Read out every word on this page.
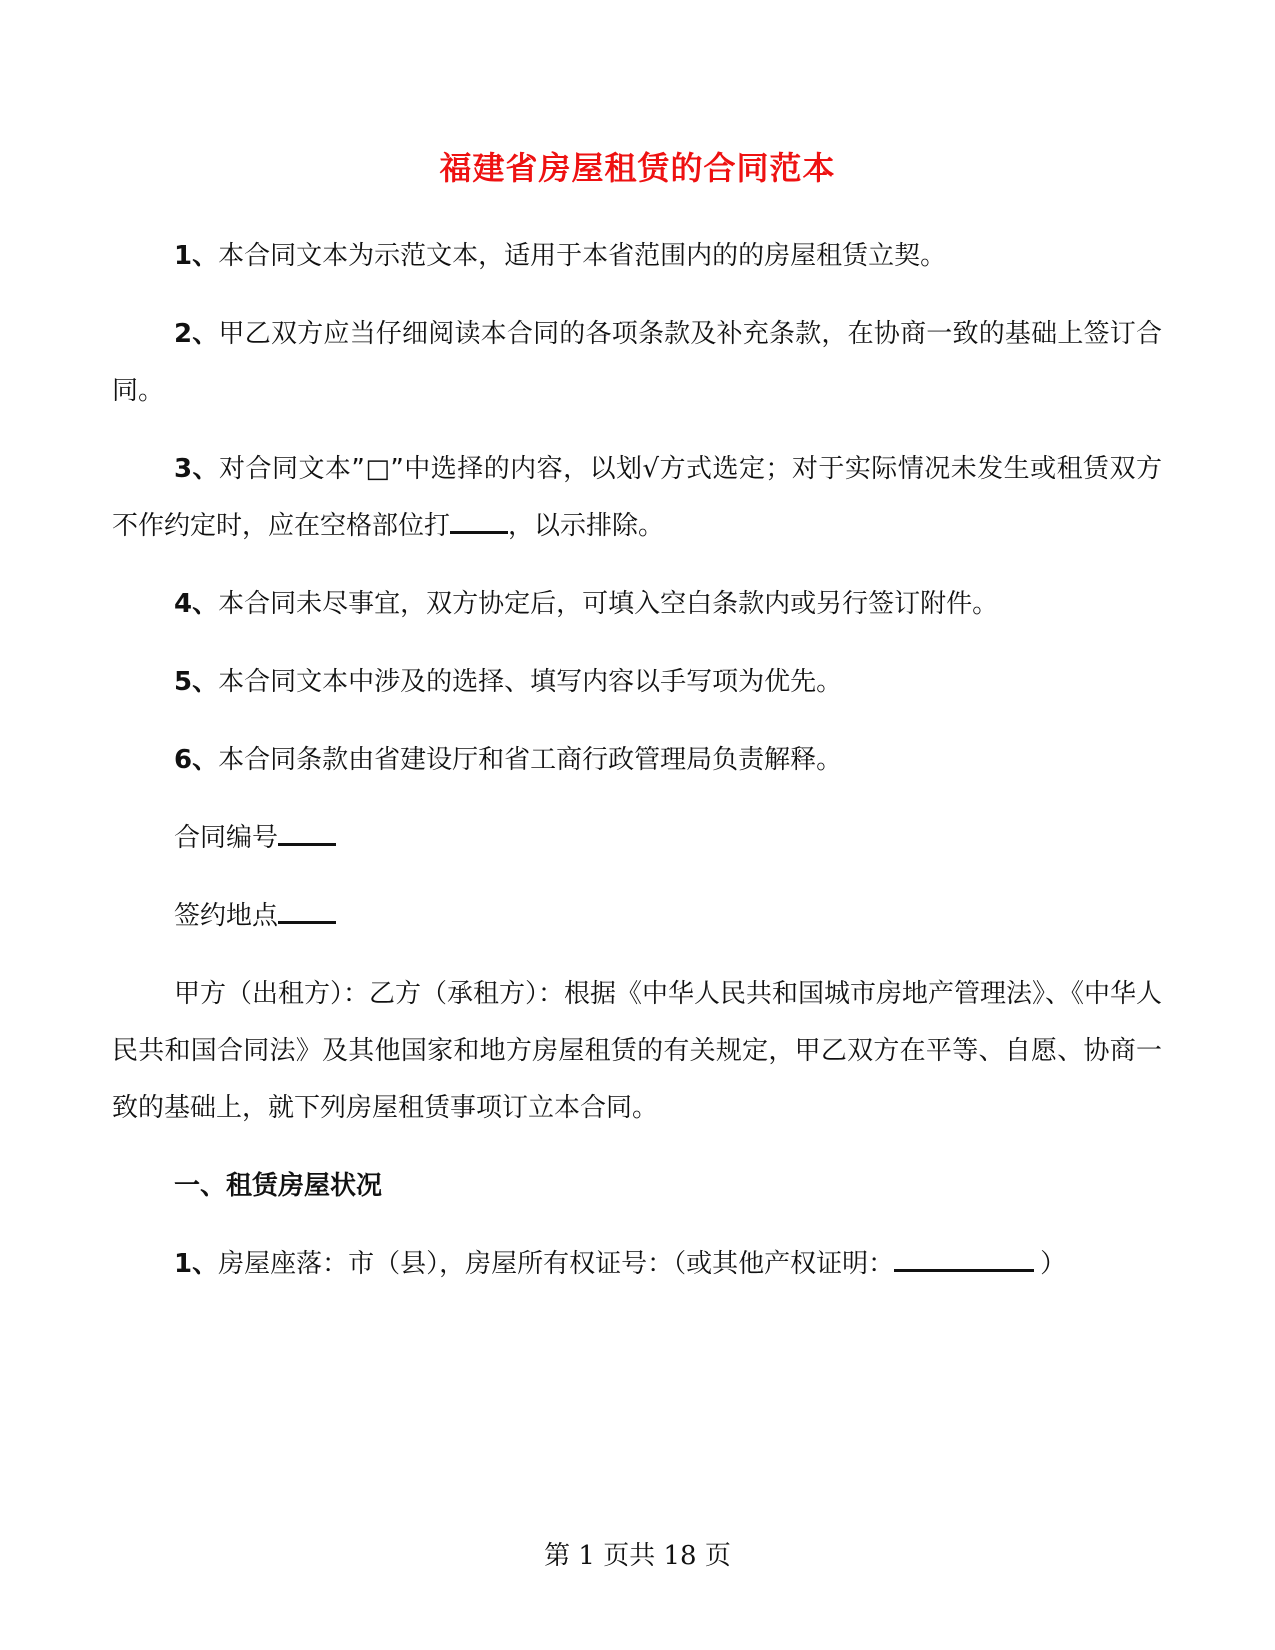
福建省房屋租赁的合同范本

1、本合同文本为示范文本，适用于本省范围内的的房屋租赁立契。

2、甲乙双方应当仔细阅读本合同的各项条款及补充条款，在协商一致的基础上签订合同。

3、对合同文本”□”中选择的内容，以划√方式选定；对于实际情况未发生或租赁双方不作约定时，应在空格部位打 ，以示排除。

4、本合同未尽事宜，双方协定后，可填入空白条款内或另行签订附件。

5、本合同文本中涉及的选择、填写内容以手写项为优先。

6、本合同条款由省建设厅和省工商行政管理局负责解释。

合同编号

签约地点

甲方（出租方）：乙方（承租方）：根据《中华人民共和国城市房地产管理法》、《中华人民共和国合同法》及其他国家和地方房屋租赁的有关规定，甲乙双方在平等、自愿、协商一致的基础上，就下列房屋租赁事项订立本合同。

一、租赁房屋状况

1、房屋座落：市（县），房屋所有权证号：（或其他产权证明：	）

第 1 页共 18 页
